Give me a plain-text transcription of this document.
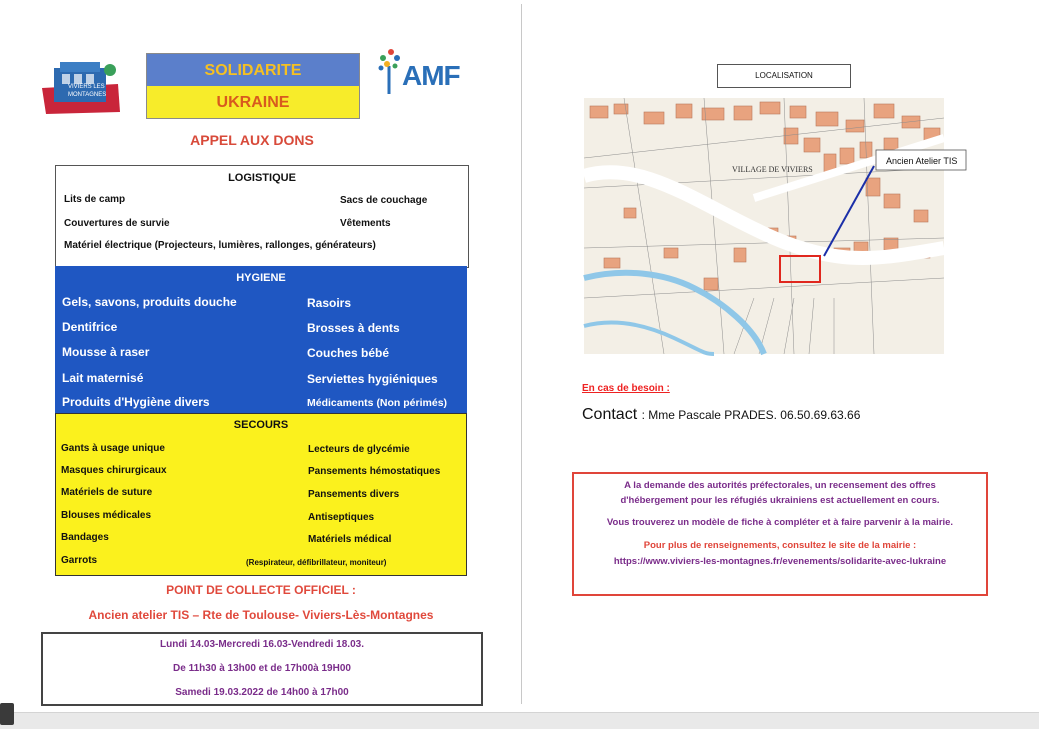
VIVIERS LES
MONTAGNES
AMF
SOLIDARITE
UKRAINE
APPEL AUX DONS
LOGISTIQUE
Lits de camp	Sacs de couchage
Couvertures de survie	Vêtements
Matériel électrique (Projecteurs, lumières, rallonges, générateurs)
HYGIENE
Gels, savons, produits douche	Rasoirs
Dentifrice	Brosses à dents
Mousse à raser	Couches bébé
Lait maternisé	Serviettes hygiéniques
Produits d'Hygiène divers	Médicaments (Non périmés)
SECOURS
Gants à usage unique	Lecteurs de glycémie
Masques chirurgicaux	Pansements hémostatiques
Matériels de suture	Pansements divers
Blouses médicales	Antiseptiques
Bandages	Matériels médical
Garrots	(Respirateur, défibrillateur, moniteur)
POINT DE COLLECTE OFFICIEL :
Ancien atelier TIS – Rte de Toulouse- Viviers-Lès-Montagnes
Lundi 14.03-Mercredi 16.03-Vendredi 18.03.
De 11h30 à 13h00 et de 17h00à 19H00
Samedi 19.03.2022 de 14h00 à 17h00
LOCALISATION
Ancien Atelier TIS
VILLAGE DE VIVIERS
En cas de besoin :
Contact : Mme Pascale PRADES. 06.50.69.63.66
A la demande des autorités préfectorales, un recensement des offres
d'hébergement pour les réfugiés ukrainiens est actuellement en cours.
Vous trouverez un modèle de fiche à compléter et à faire parvenir à la mairie.
Pour plus de renseignements, consultez le site de la mairie :
https://www.viviers-les-montagnes.fr/evenements/solidarite-avec-lukraine
